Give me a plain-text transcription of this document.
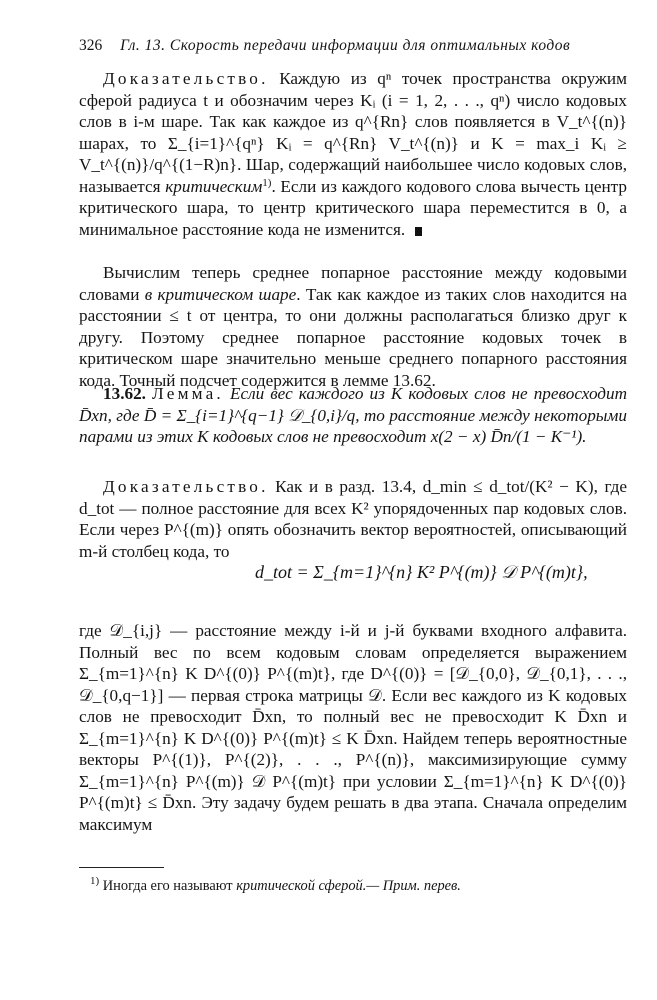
326 Гл. 13. Скорость передачи информации для оптимальных кодов

Доказательство. Каждую из qⁿ точек пространства окружим сферой радиуса t и обозначим через Kᵢ (i = 1, 2, . . ., qⁿ) число кодовых слов в i-м шаре. Так как каждое из q^{Rn} слов появляется в V_t^{(n)} шарах, то Σ_{i=1}^{qⁿ} Kᵢ = q^{Rn} V_t^{(n)} и K = max_i Kᵢ ≥ V_t^{(n)}/q^{(1−R)n}. Шар, содержащий наибольшее число кодовых слов, называется критическим$^{1)}$. Если из каждого кодового слова вычесть центр критического шара, то центр критического шара переместится в 0, а минимальное расстояние кода не изменится.

Вычислим теперь среднее попарное расстояние между кодовыми словами в критическом шаре. Так как каждое из таких слов находится на расстоянии ≤ t от центра, то они должны располагаться близко друг к другу. Поэтому среднее попарное расстояние кодовых точек в критическом шаре значительно меньше среднего попарного расстояния кода. Точный подсчет содержится в лемме 13.62.

13.62. Лемма. Если вес каждого из K кодовых слов не превосходит D̄xn, где D̄ = Σ_{i=1}^{q−1} 𝒟_{0,i}/q, то расстояние между некоторыми парами из этих K кодовых слов не превосходит x(2 − x) D̄n/(1 − K⁻¹).

Доказательство. Как и в разд. 13.4, d_min ≤ d_tot/(K² − K), где d_tot — полное расстояние для всех K² упорядоченных пар кодовых слов. Если через P^{(m)} опять обозначить вектор вероятностей, описывающий m-й столбец кода, то

d_tot = Σ_{m=1}^{n} K² P^{(m)} 𝒟 P^{(m)t},

где 𝒟_{i,j} — расстояние между i-й и j-й буквами входного алфавита. Полный вес по всем кодовым словам определяется выражением Σ_{m=1}^{n} K D^{(0)} P^{(m)t}, где D^{(0)} = [𝒟_{0,0}, 𝒟_{0,1}, . . ., 𝒟_{0,q−1}] — первая строка матрицы 𝒟. Если вес каждого из K кодовых слов не превосходит D̄xn, то полный вес не превосходит K D̄xn и Σ_{m=1}^{n} K D^{(0)} P^{(m)t} ≤ K D̄xn. Найдем теперь вероятностные векторы P^{(1)}, P^{(2)}, . . ., P^{(n)}, максимизирующие сумму Σ_{m=1}^{n} P^{(m)} 𝒟 P^{(m)t} при условии Σ_{m=1}^{n} K D^{(0)} P^{(m)t} ≤ D̄xn. Эту задачу будем решать в два этапа. Сначала определим максимум

$^{1)}$ Иногда его называют критической сферой.— Прим. перев.
